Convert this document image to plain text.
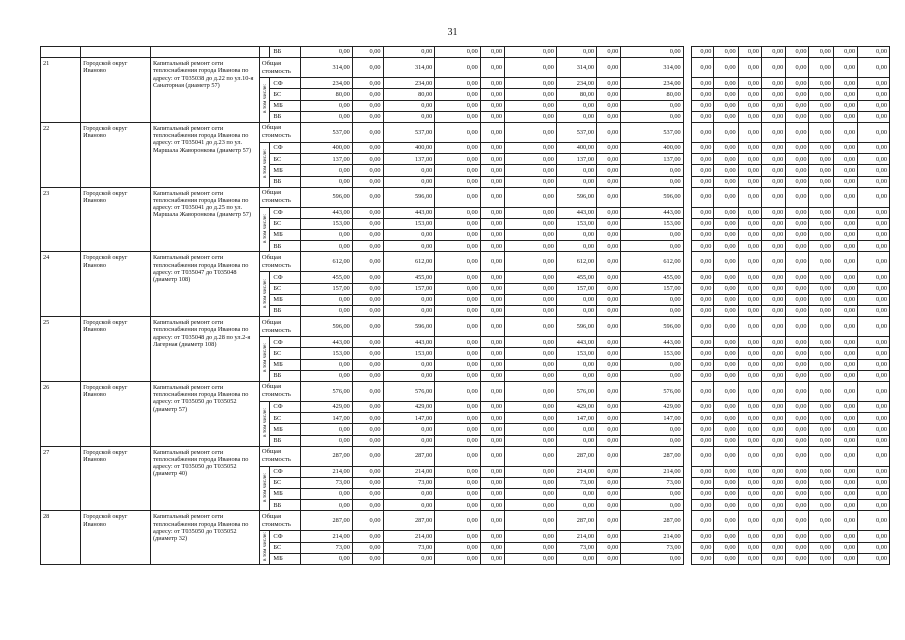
31
				ВБ	0,00	0,00	0,00	0,00	0,00	0,00	0,00	0,00	0,00		0,00	0,00	0,00	0,00	0,00	0,00	0,00	0,00
21	Городской округ Иваново	Капитальный ремонт сети теплоснабжения города Иванова по адресу: от Т035038 до д.22 по ул.10-я Санаторная (диаметр 57)	Общая стоимость		314,00	0,00	314,00	0,00	0,00	0,00	314,00	0,00	314,00		0,00	0,00	0,00	0,00	0,00	0,00	0,00	0,00
			в том числе:	СФ	234,00	0,00	234,00	0,00	0,00	0,00	234,00	0,00	234,00		0,00	0,00	0,00	0,00	0,00	0,00	0,00	0,00
				БС	80,00	0,00	80,00	0,00	0,00	0,00	80,00	0,00	80,00		0,00	0,00	0,00	0,00	0,00	0,00	0,00	0,00
				МБ	0,00	0,00	0,00	0,00	0,00	0,00	0,00	0,00	0,00		0,00	0,00	0,00	0,00	0,00	0,00	0,00	0,00
				ВБ	0,00	0,00	0,00	0,00	0,00	0,00	0,00	0,00	0,00		0,00	0,00	0,00	0,00	0,00	0,00	0,00	0,00
22	Городской округ Иваново	Капитальный ремонт сети теплоснабжения города Иванова по адресу: от Т035041 до д.23 по ул. Маршала Жаворонкова (диаметр 57)	Общая стоимость		537,00	0,00	537,00	0,00	0,00	0,00	537,00	0,00	537,00		0,00	0,00	0,00	0,00	0,00	0,00	0,00	0,00
			в том числе:	СФ	400,00	0,00	400,00	0,00	0,00	0,00	400,00	0,00	400,00		0,00	0,00	0,00	0,00	0,00	0,00	0,00	0,00
				БС	137,00	0,00	137,00	0,00	0,00	0,00	137,00	0,00	137,00		0,00	0,00	0,00	0,00	0,00	0,00	0,00	0,00
				МБ	0,00	0,00	0,00	0,00	0,00	0,00	0,00	0,00	0,00		0,00	0,00	0,00	0,00	0,00	0,00	0,00	0,00
				ВБ	0,00	0,00	0,00	0,00	0,00	0,00	0,00	0,00	0,00		0,00	0,00	0,00	0,00	0,00	0,00	0,00	0,00
23	Городской округ Иваново	Капитальный ремонт сети теплоснабжения города Иванова по адресу: от Т035041 до д.25 по ул. Маршала Жаворонкова (диаметр 57)	Общая стоимость		596,00	0,00	596,00	0,00	0,00	0,00	596,00	0,00	596,00		0,00	0,00	0,00	0,00	0,00	0,00	0,00	0,00
			в том числе:	СФ	443,00	0,00	443,00	0,00	0,00	0,00	443,00	0,00	443,00		0,00	0,00	0,00	0,00	0,00	0,00	0,00	0,00
				БС	153,00	0,00	153,00	0,00	0,00	0,00	153,00	0,00	153,00		0,00	0,00	0,00	0,00	0,00	0,00	0,00	0,00
				МБ	0,00	0,00	0,00	0,00	0,00	0,00	0,00	0,00	0,00		0,00	0,00	0,00	0,00	0,00	0,00	0,00	0,00
				ВБ	0,00	0,00	0,00	0,00	0,00	0,00	0,00	0,00	0,00		0,00	0,00	0,00	0,00	0,00	0,00	0,00	0,00
24	Городской округ Иваново	Капитальный ремонт сети теплоснабжения города Иванова по адресу: от Т035047 до Т035048 (диаметр 108)	Общая стоимость		612,00	0,00	612,00	0,00	0,00	0,00	612,00	0,00	612,00		0,00	0,00	0,00	0,00	0,00	0,00	0,00	0,00
			в том числе:	СФ	455,00	0,00	455,00	0,00	0,00	0,00	455,00	0,00	455,00		0,00	0,00	0,00	0,00	0,00	0,00	0,00	0,00
				БС	157,00	0,00	157,00	0,00	0,00	0,00	157,00	0,00	157,00		0,00	0,00	0,00	0,00	0,00	0,00	0,00	0,00
				МБ	0,00	0,00	0,00	0,00	0,00	0,00	0,00	0,00	0,00		0,00	0,00	0,00	0,00	0,00	0,00	0,00	0,00
				ВБ	0,00	0,00	0,00	0,00	0,00	0,00	0,00	0,00	0,00		0,00	0,00	0,00	0,00	0,00	0,00	0,00	0,00
25	Городской округ Иваново	Капитальный ремонт сети теплоснабжения города Иванова по адресу: от Т035048 до д.28 по ул.2-я Лагерная (диаметр 108)	Общая стоимость		596,00	0,00	596,00	0,00	0,00	0,00	596,00	0,00	596,00		0,00	0,00	0,00	0,00	0,00	0,00	0,00	0,00
			в том числе:	СФ	443,00	0,00	443,00	0,00	0,00	0,00	443,00	0,00	443,00		0,00	0,00	0,00	0,00	0,00	0,00	0,00	0,00
				БС	153,00	0,00	153,00	0,00	0,00	0,00	153,00	0,00	153,00		0,00	0,00	0,00	0,00	0,00	0,00	0,00	0,00
				МБ	0,00	0,00	0,00	0,00	0,00	0,00	0,00	0,00	0,00		0,00	0,00	0,00	0,00	0,00	0,00	0,00	0,00
				ВБ	0,00	0,00	0,00	0,00	0,00	0,00	0,00	0,00	0,00		0,00	0,00	0,00	0,00	0,00	0,00	0,00	0,00
26	Городской округ Иваново	Капитальный ремонт сети теплоснабжения города Иванова по адресу: от Т035050 до Т035052 (диаметр 57)	Общая стоимость		576,00	0,00	576,00	0,00	0,00	0,00	576,00	0,00	576,00		0,00	0,00	0,00	0,00	0,00	0,00	0,00	0,00
			в том числе:	СФ	429,00	0,00	429,00	0,00	0,00	0,00	429,00	0,00	429,00		0,00	0,00	0,00	0,00	0,00	0,00	0,00	0,00
				БС	147,00	0,00	147,00	0,00	0,00	0,00	147,00	0,00	147,00		0,00	0,00	0,00	0,00	0,00	0,00	0,00	0,00
				МБ	0,00	0,00	0,00	0,00	0,00	0,00	0,00	0,00	0,00		0,00	0,00	0,00	0,00	0,00	0,00	0,00	0,00
				ВБ	0,00	0,00	0,00	0,00	0,00	0,00	0,00	0,00	0,00		0,00	0,00	0,00	0,00	0,00	0,00	0,00	0,00
27	Городской округ Иваново	Капитальный ремонт сети теплоснабжения города Иванова по адресу: от Т035050 до Т035052 (диаметр 40)	Общая стоимость		287,00	0,00	287,00	0,00	0,00	0,00	287,00	0,00	287,00		0,00	0,00	0,00	0,00	0,00	0,00	0,00	0,00
			в том числе:	СФ	214,00	0,00	214,00	0,00	0,00	0,00	214,00	0,00	214,00		0,00	0,00	0,00	0,00	0,00	0,00	0,00	0,00
				БС	73,00	0,00	73,00	0,00	0,00	0,00	73,00	0,00	73,00		0,00	0,00	0,00	0,00	0,00	0,00	0,00	0,00
				МБ	0,00	0,00	0,00	0,00	0,00	0,00	0,00	0,00	0,00		0,00	0,00	0,00	0,00	0,00	0,00	0,00	0,00
				ВБ	0,00	0,00	0,00	0,00	0,00	0,00	0,00	0,00	0,00		0,00	0,00	0,00	0,00	0,00	0,00	0,00	0,00
28	Городской округ Иваново	Капитальный ремонт сети теплоснабжения города Иванова по адресу: от Т035050 до Т035052 (диаметр 32)	Общая стоимость		287,00	0,00	287,00	0,00	0,00	0,00	287,00	0,00	287,00		0,00	0,00	0,00	0,00	0,00	0,00	0,00	0,00
			в том числе:	СФ	214,00	0,00	214,00	0,00	0,00	0,00	214,00	0,00	214,00		0,00	0,00	0,00	0,00	0,00	0,00	0,00	0,00
				БС	73,00	0,00	73,00	0,00	0,00	0,00	73,00	0,00	73,00		0,00	0,00	0,00	0,00	0,00	0,00	0,00	0,00
				МБ	0,00	0,00	0,00	0,00	0,00	0,00	0,00	0,00	0,00		0,00	0,00	0,00	0,00	0,00	0,00	0,00	0,00
